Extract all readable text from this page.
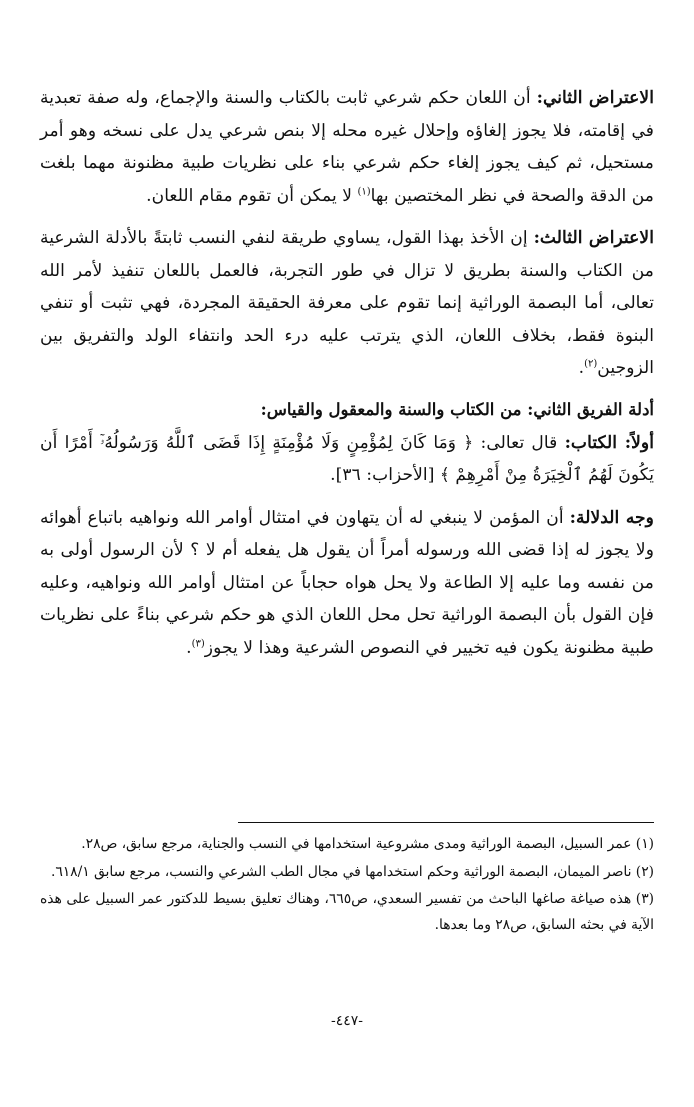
الاعتراض الثاني: أن اللعان حكم شرعي ثابت بالكتاب والسنة والإجماع، وله صفة تعبدية في إقامته، فلا يجوز إلغاؤه وإحلال غيره محله إلا بنص شرعي يدل على نسخه وهو أمر مستحيل، ثم كيف يجوز إلغاء حكم شرعي بناء على نظريات طبية مظنونة مهما بلغت من الدقة والصحة في نظر المختصين بها$^{(١)}$ لا يمكن أن تقوم مقام اللعان.

الاعتراض الثالث: إن الأخذ بهذا القول، يساوي طريقة لنفي النسب ثابتةً بالأدلة الشرعية من الكتاب والسنة بطريق لا تزال في طور التجربة، فالعمل باللعان تنفيذ لأمر الله تعالى، أما البصمة الوراثية إنما تقوم على معرفة الحقيقة المجردة، فهي تثبت أو تنفي البنوة فقط، بخلاف اللعان، الذي يترتب عليه درء الحد وانتفاء الولد والتفريق بين الزوجين$^{(٢)}$.

أدلة الفريق الثاني: من الكتاب والسنة والمعقول والقياس:

أولاً: الكتاب: قال تعالى: ﴿ وَمَا كَانَ لِمُؤْمِنٍ وَلَا مُؤْمِنَةٍ إِذَا قَضَى ٱللَّهُ وَرَسُولُهُۥٓ أَمْرًا أَن يَكُونَ لَهُمُ ٱلْخِيَرَةُ مِنْ أَمْرِهِمْ ﴾ [الأحزاب: ٣٦].

وجه الدلالة: أن المؤمن لا ينبغي له أن يتهاون في امتثال أوامر الله ونواهيه باتباع أهوائه ولا يجوز له إذا قضى الله ورسوله أمراً أن يقول هل يفعله أم لا ؟ لأن الرسول أولى به من نفسه وما عليه إلا الطاعة ولا يحل هواه حجاباً عن امتثال أوامر الله ونواهيه، وعليه فإن القول بأن البصمة الوراثية تحل محل اللعان الذي هو حكم شرعي بناءً على نظريات طبية مظنونة يكون فيه تخيير في النصوص الشرعية وهذا لا يجوز$^{(٣)}$.

(١) عمر السبيل، البصمة الوراثية ومدى مشروعية استخدامها في النسب والجناية، مرجع سابق، ص٢٨.

(٢) ناصر الميمان، البصمة الوراثية وحكم استخدامها في مجال الطب الشرعي والنسب، مرجع سابق ٦١٨/١.

(٣) هذه صياغة صاغها الباحث من تفسير السعدي، ص٦٦٥، وهناك تعليق بسيط للدكتور عمر السبيل على هذه الآية في بحثه السابق، ص٢٨ وما بعدها.

-٤٤٧-
